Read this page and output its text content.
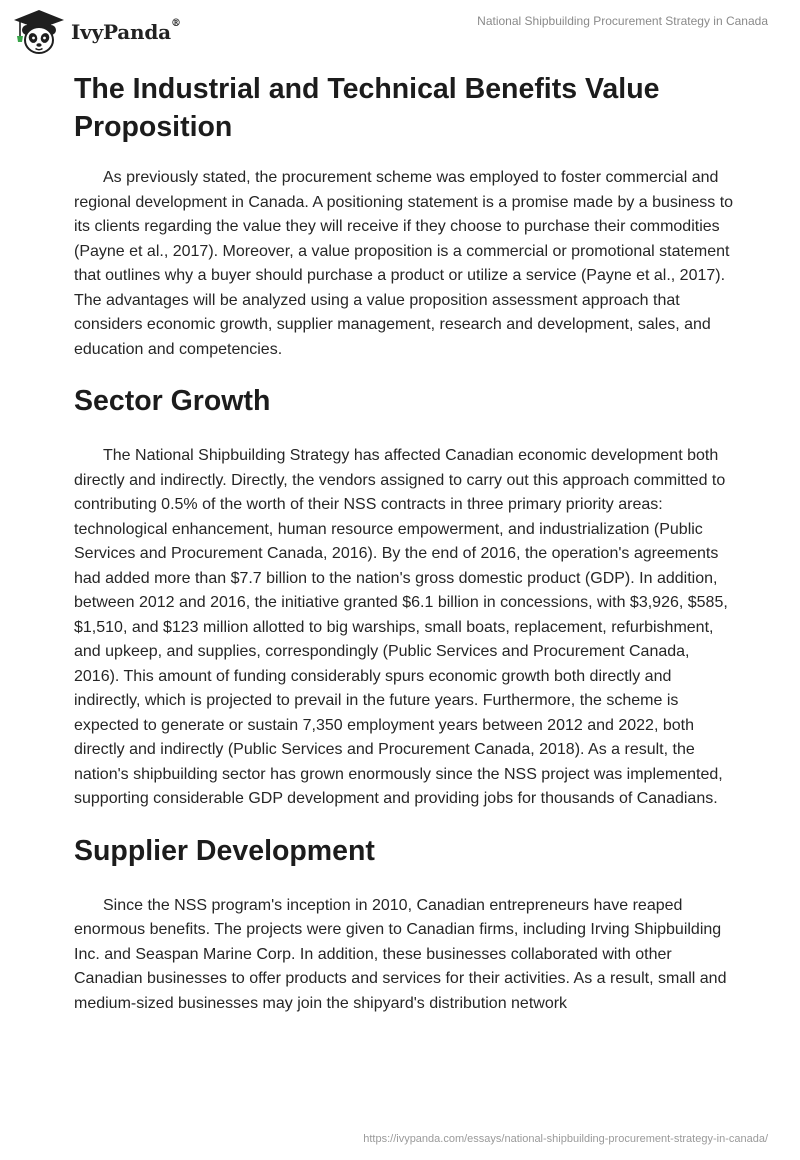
IvyPanda®	National Shipbuilding Procurement Strategy in Canada
The Industrial and Technical Benefits Value Proposition

As previously stated, the procurement scheme was employed to foster commercial and regional development in Canada. A positioning statement is a promise made by a business to its clients regarding the value they will receive if they choose to purchase their commodities (Payne et al., 2017). Moreover, a value proposition is a commercial or promotional statement that outlines why a buyer should purchase a product or utilize a service (Payne et al., 2017). The advantages will be analyzed using a value proposition assessment approach that considers economic growth, supplier management, research and development, sales, and education and competencies.

Sector Growth

The National Shipbuilding Strategy has affected Canadian economic development both directly and indirectly. Directly, the vendors assigned to carry out this approach committed to contributing 0.5% of the worth of their NSS contracts in three primary priority areas: technological enhancement, human resource empowerment, and industrialization (Public Services and Procurement Canada, 2016). By the end of 2016, the operation's agreements had added more than $7.7 billion to the nation's gross domestic product (GDP). In addition, between 2012 and 2016, the initiative granted $6.1 billion in concessions, with $3,926, $585, $1,510, and $123 million allotted to big warships, small boats, replacement, refurbishment, and upkeep, and supplies, correspondingly (Public Services and Procurement Canada, 2016). This amount of funding considerably spurs economic growth both directly and indirectly, which is projected to prevail in the future years. Furthermore, the scheme is expected to generate or sustain 7,350 employment years between 2012 and 2022, both directly and indirectly (Public Services and Procurement Canada, 2018). As a result, the nation's shipbuilding sector has grown enormously since the NSS project was implemented, supporting considerable GDP development and providing jobs for thousands of Canadians.

Supplier Development

Since the NSS program's inception in 2010, Canadian entrepreneurs have reaped enormous benefits. The projects were given to Canadian firms, including Irving Shipbuilding Inc. and Seaspan Marine Corp. In addition, these businesses collaborated with other Canadian businesses to offer products and services for their activities. As a result, small and medium-sized businesses may join the shipyard's distribution network

https://ivypanda.com/essays/national-shipbuilding-procurement-strategy-in-canada/
